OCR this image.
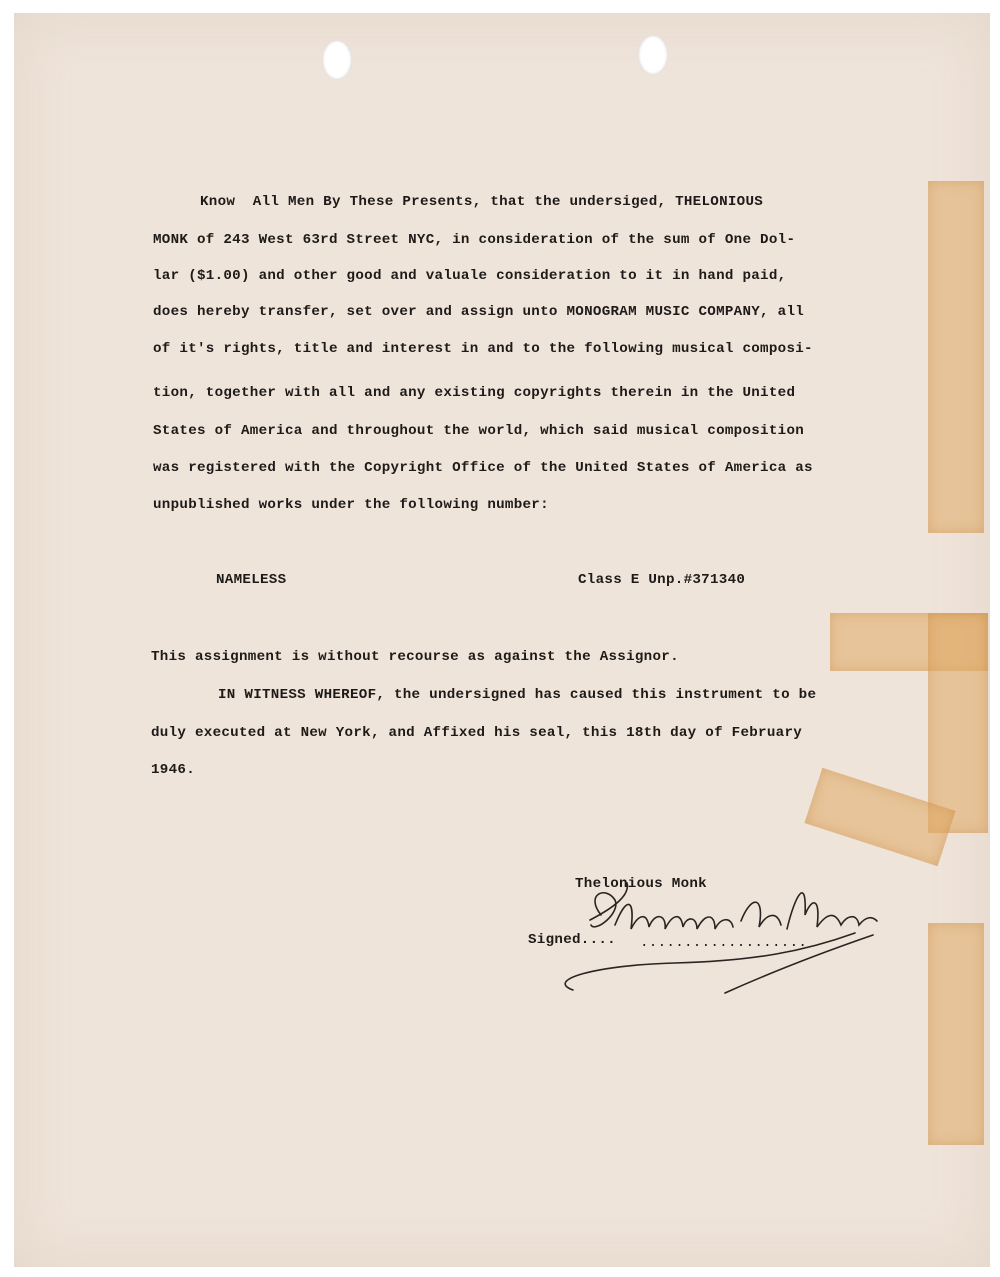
Know  All Men By These Presents, that the undersiged, THELONIOUS
MONK of 243 West 63rd Street NYC, in consideration of the sum of One Dol-
lar ($1.00) and other good and valuale consideration to it in hand paid,
does hereby transfer, set over and assign unto MONOGRAM MUSIC COMPANY, all
of it's rights, title and interest in and to the following musical composi-
tion, together with all and any existing copyrights therein in the United
States of America and throughout the world, which said musical composition
was registered with the Copyright Office of the United States of America as
unpublished works under the following number:
NAMELESS	Class E Unp.#371340
This assignment is without recourse as against the Assignor.
IN WITNESS WHEREOF, the undersigned has caused this instrument to be
duly executed at New York, and Affixed his seal, this 18th day of February
1946.
Thelonious Monk
Signed.... ...................
